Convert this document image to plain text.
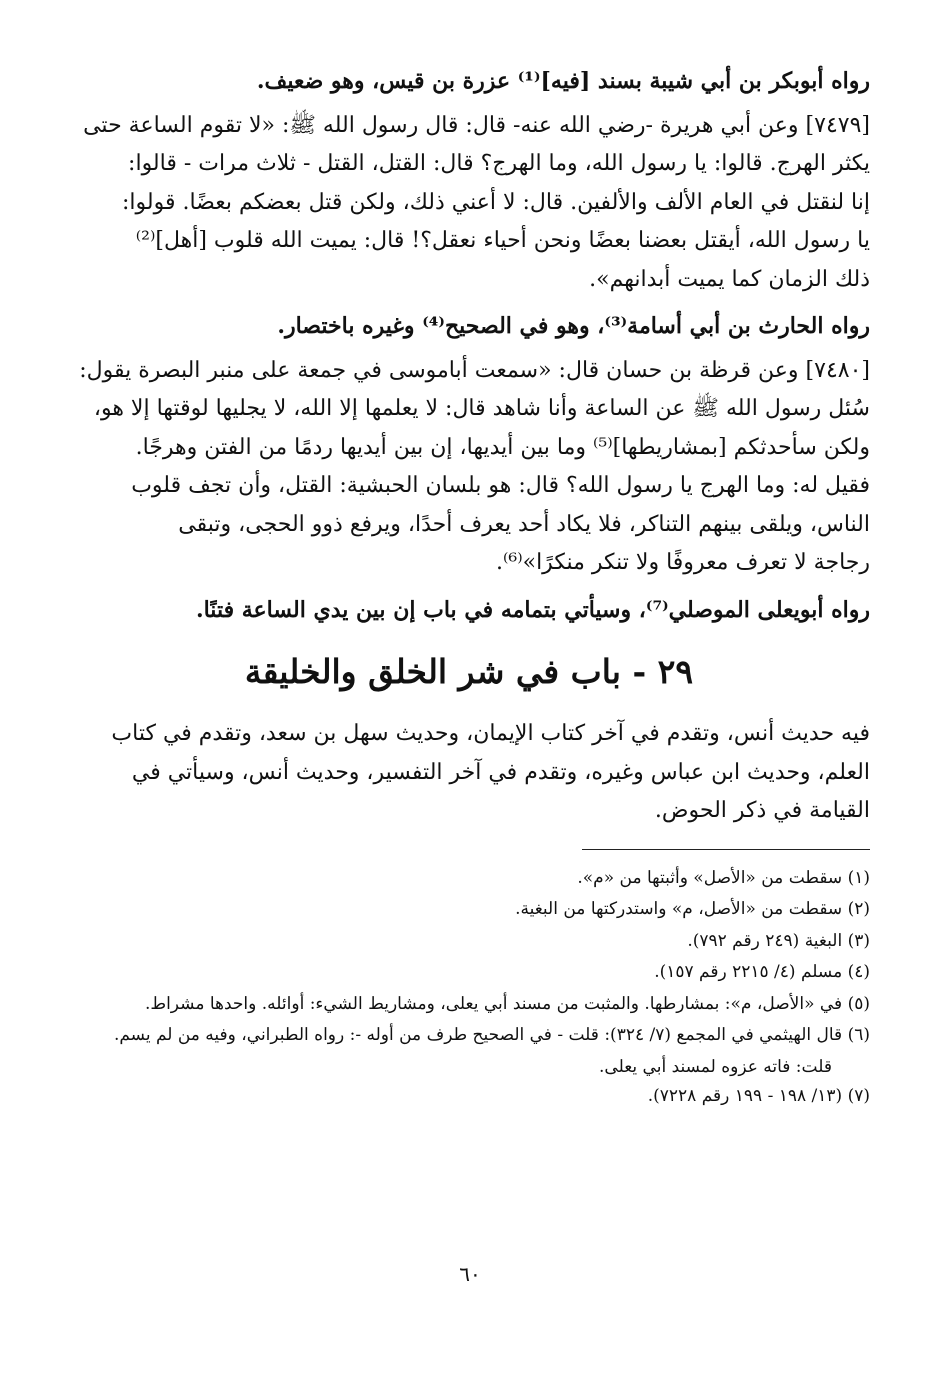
رواه أبوبكر بن أبي شيبة بسند [فيه]⁽¹⁾ عزرة بن قيس، وهو ضعيف.

[٧٤٧٩] وعن أبي هريرة -رضي الله عنه- قال: قال رسول الله ﷺ: «لا تقوم الساعة حتى
يكثر الهرج. قالوا: يا رسول الله، وما الهرج؟ قال: القتل، القتل - ثلاث مرات - قالوا:
إنا لنقتل في العام الألف والألفين. قال: لا أعني ذلك، ولكن قتل بعضكم بعضًا. قولوا:
يا رسول الله، أيقتل بعضنا بعضًا ونحن أحياء نعقل؟! قال: يميت الله قلوب [أهل]⁽²⁾
ذلك الزمان كما يميت أبدانهم».

رواه الحارث بن أبي أسامة⁽³⁾، وهو في الصحيح⁽⁴⁾ وغيره باختصار.

[٧٤٨٠] وعن قرظة بن حسان قال: «سمعت أباموسى في جمعة على منبر البصرة يقول:
سُئل رسول الله ﷺ عن الساعة وأنا شاهد قال: لا يعلمها إلا الله، لا يجليها لوقتها إلا هو،
ولكن سأحدثكم [بمشاريطها]⁽⁵⁾ وما بين أيديها، إن بين أيديها ردمًا من الفتن وهرجًا.
فقيل له: وما الهرج يا رسول الله؟ قال: هو بلسان الحبشية: القتل، وأن تجف قلوب
الناس، ويلقى بينهم التناكر، فلا يكاد أحد يعرف أحدًا، ويرفع ذوو الحجى، وتبقى
رجاجة لا تعرف معروفًا ولا تنكر منكرًا»⁽⁶⁾.

رواه أبويعلى الموصلي⁽⁷⁾، وسيأتي بتمامه في باب إن بين يدي الساعة فتنًا.

٢٩ - باب في شر الخلق والخليقة

فيه حديث أنس، وتقدم في آخر كتاب الإيمان، وحديث سهل بن سعد، وتقدم في كتاب
العلم، وحديث ابن عباس وغيره، وتقدم في آخر التفسير، وحديث أنس، وسيأتي في
القيامة في ذكر الحوض.

(١) سقطت من «الأصل» وأثبتها من «م».
(٢) سقطت من «الأصل، م» واستدركتها من البغية.
(٣) البغية (٢٤٩ رقم ٧٩٢).
(٤) مسلم (٤/ ٢٢١٥ رقم ١٥٧).
(٥) في «الأصل، م»: بمشارطها. والمثبت من مسند أبي يعلى، ومشاريط الشيء: أوائله. واحدها مشراط.
(٦) قال الهيثمي في المجمع (٧/ ٣٢٤): قلت - في الصحيح طرف من أوله -: رواه الطبراني، وفيه من لم يسم.
قلت: فاته عزوه لمسند أبي يعلى.
(٧) (١٣/ ١٩٨ - ١٩٩ رقم ٧٢٢٨).
٦٠
